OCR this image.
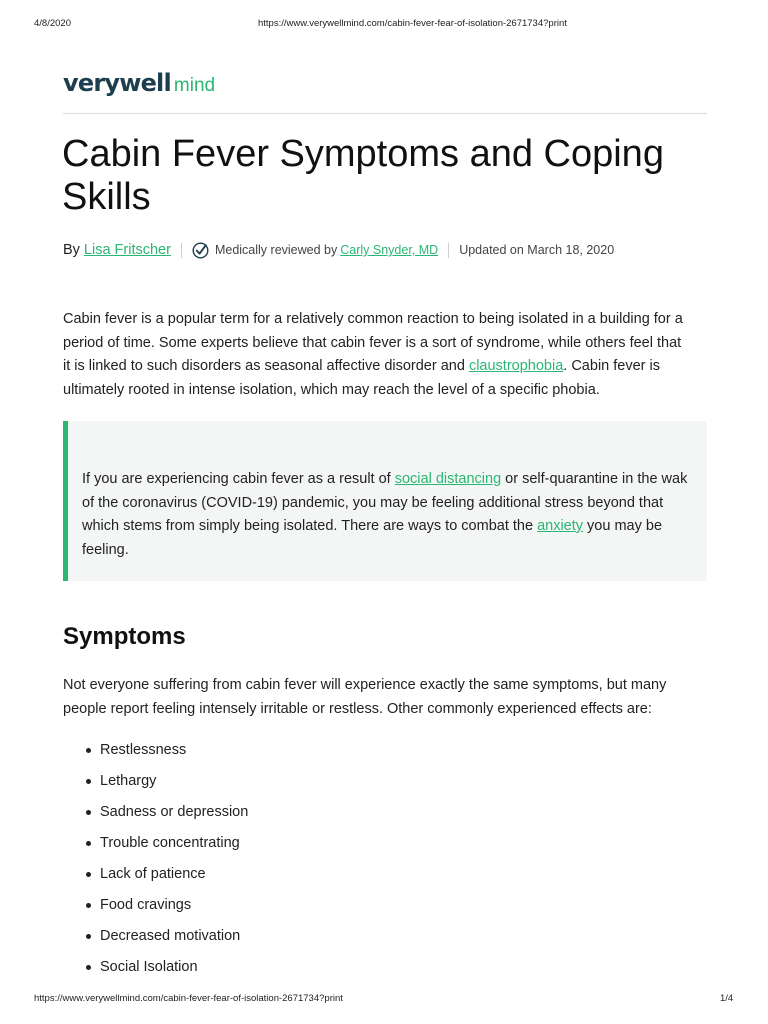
4/8/2020	https://www.verywellmind.com/cabin-fever-fear-of-isolation-2671734?print
verywell mind
Cabin Fever Symptoms and Coping Skills
By Lisa Fritscher	Medically reviewed by Carly Snyder, MD Updated on March 18, 2020

Cabin fever is a popular term for a relatively common reaction to being isolated in a building for a
period of time. Some experts believe that cabin fever is a sort of syndrome, while others feel that
it is linked to such disorders as seasonal affective disorder and claustrophobia. Cabin fever is
ultimately rooted in intense isolation, which may reach the level of a specific phobia.

If you are experiencing cabin fever as a result of social distancing or self-quarantine in the wak
of the coronavirus (COVID-19) pandemic, you may be feeling additional stress beyond that
which stems from simply being isolated. There are ways to combat the anxiety you may be
feeling.

Symptoms

Not everyone suffering from cabin fever will experience exactly the same symptoms, but many
people report feeling intensely irritable or restless. Other commonly experienced effects are:

Restlessness
Lethargy
Sadness or depression
Trouble concentrating
Lack of patience
Food cravings
Decreased motivation
Social Isolation
https://www.verywellmind.com/cabin-fever-fear-of-isolation-2671734?print	1/4
